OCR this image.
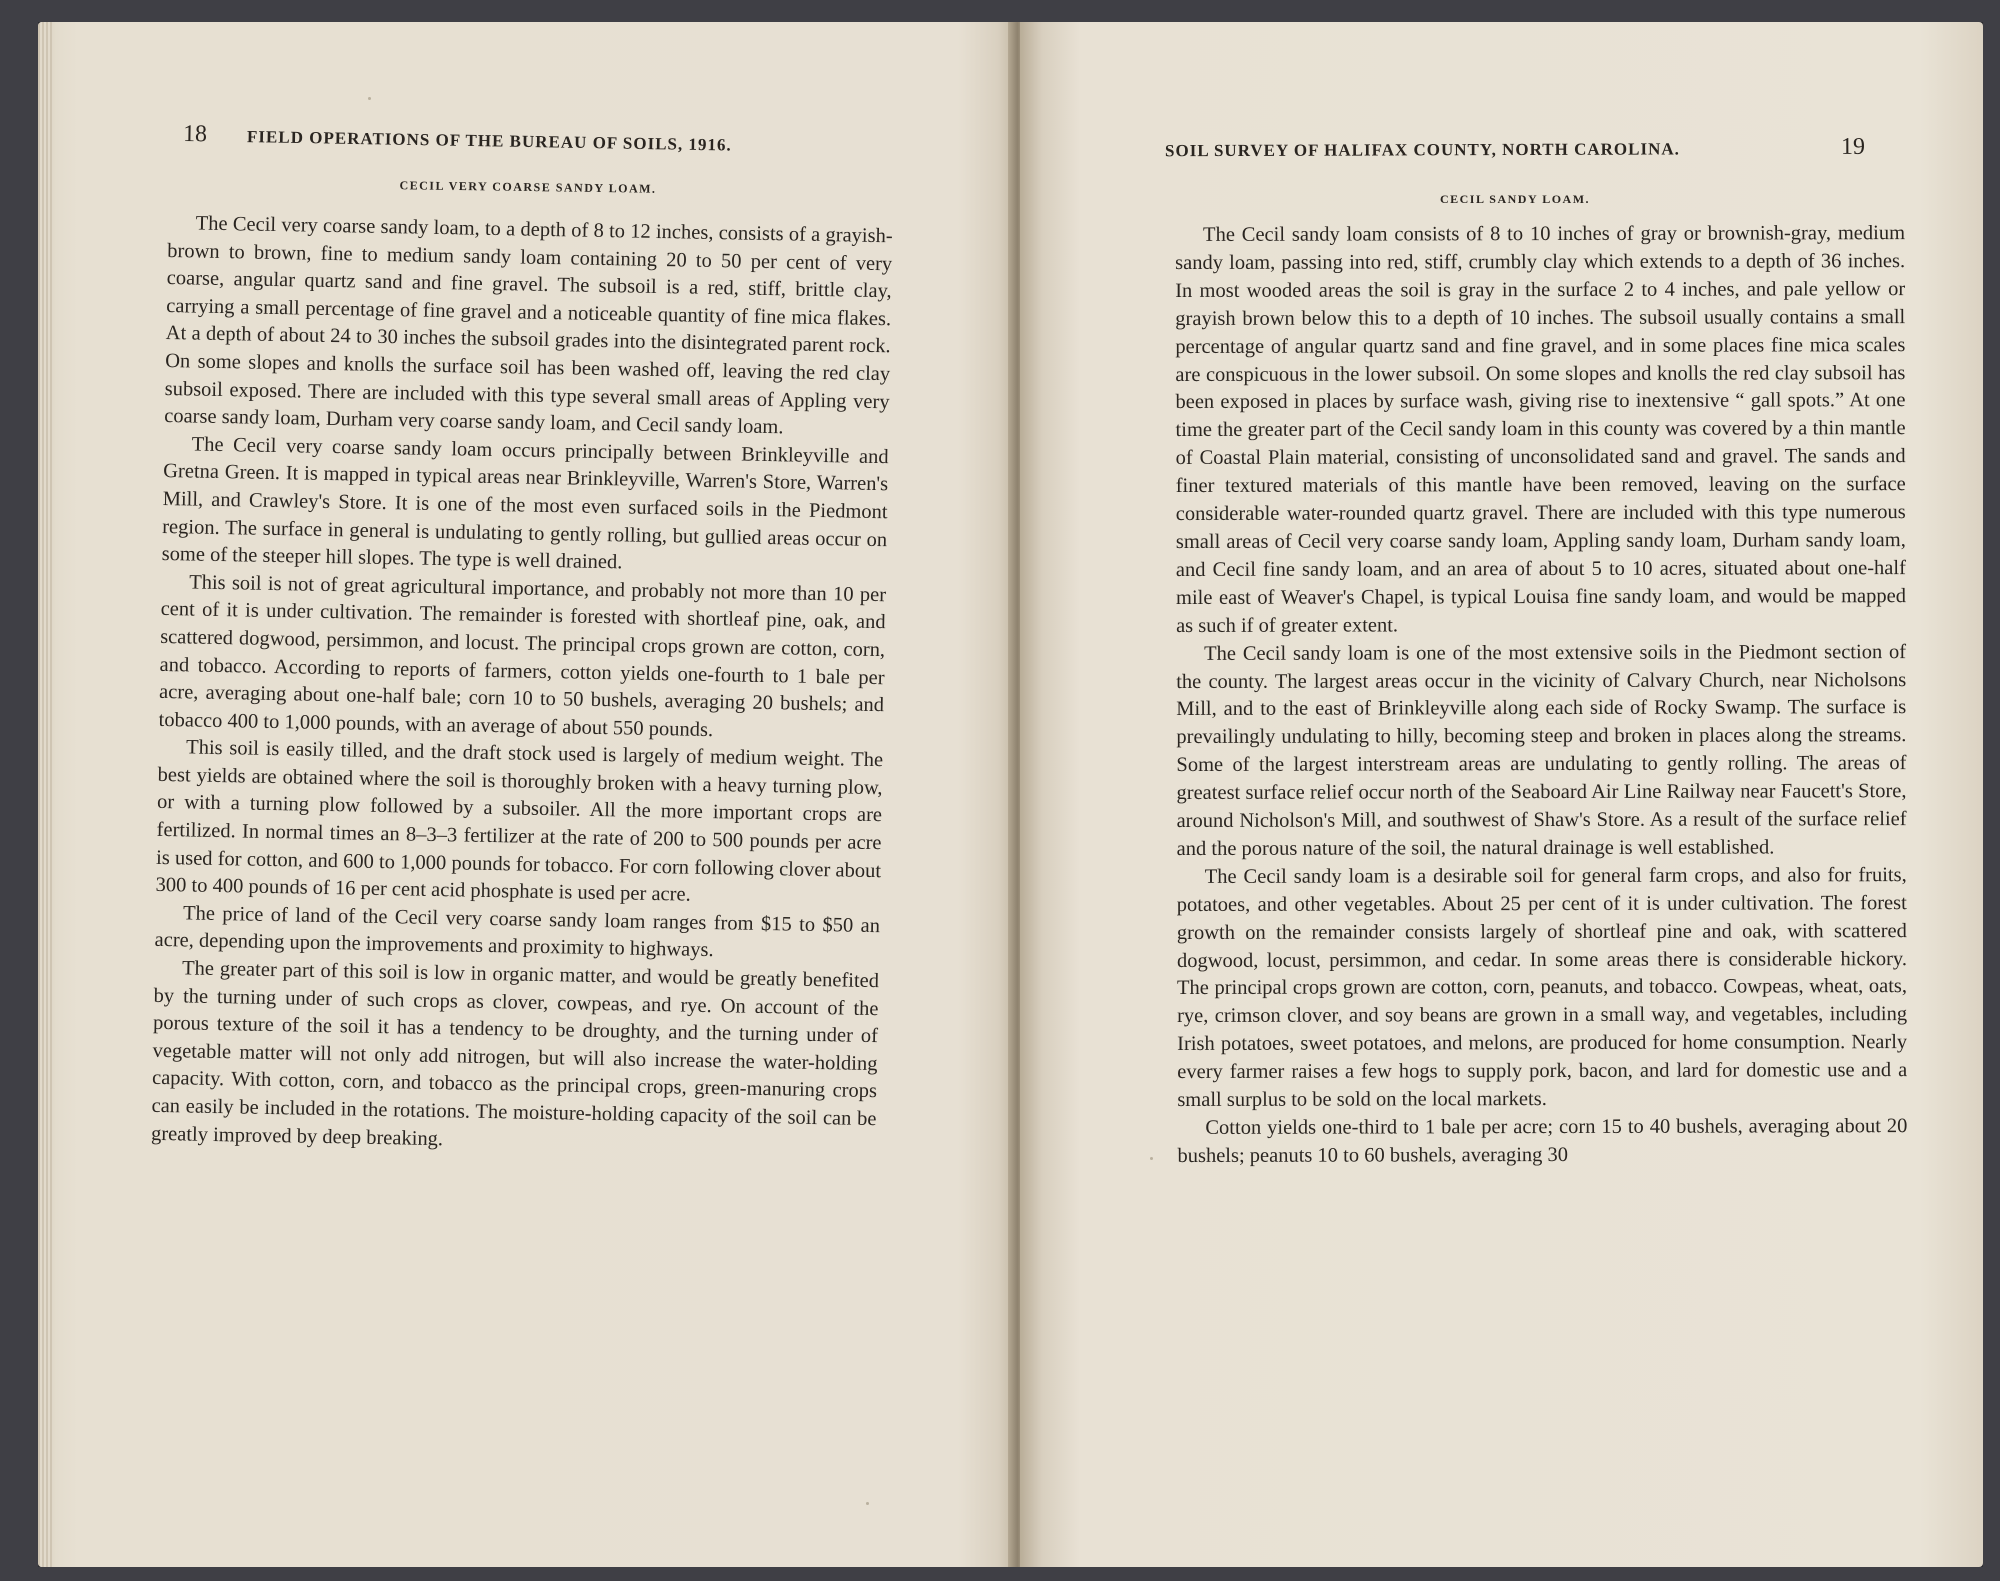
18 FIELD OPERATIONS OF THE BUREAU OF SOILS, 1916.
CECIL VERY COARSE SANDY LOAM.

The Cecil very coarse sandy loam, to a depth of 8 to 12 inches, consists of a grayish-brown to brown, fine to medium sandy loam containing 20 to 50 per cent of very coarse, angular quartz sand and fine gravel. The subsoil is a red, stiff, brittle clay, carrying a small percentage of fine gravel and a noticeable quantity of fine mica flakes. At a depth of about 24 to 30 inches the subsoil grades into the disintegrated parent rock. On some slopes and knolls the surface soil has been washed off, leaving the red clay subsoil exposed. There are included with this type several small areas of Appling very coarse sandy loam, Durham very coarse sandy loam, and Cecil sandy loam.

The Cecil very coarse sandy loam occurs principally between Brinkleyville and Gretna Green. It is mapped in typical areas near Brinkleyville, Warren's Store, Warren's Mill, and Crawley's Store. It is one of the most even surfaced soils in the Piedmont region. The surface in general is undulating to gently rolling, but gullied areas occur on some of the steeper hill slopes. The type is well drained.

This soil is not of great agricultural importance, and probably not more than 10 per cent of it is under cultivation. The remainder is forested with shortleaf pine, oak, and scattered dogwood, persimmon, and locust. The principal crops grown are cotton, corn, and tobacco. According to reports of farmers, cotton yields one-fourth to 1 bale per acre, averaging about one-half bale; corn 10 to 50 bushels, averaging 20 bushels; and tobacco 400 to 1,000 pounds, with an average of about 550 pounds.

This soil is easily tilled, and the draft stock used is largely of medium weight. The best yields are obtained where the soil is thoroughly broken with a heavy turning plow, or with a turning plow followed by a subsoiler. All the more important crops are fertilized. In normal times an 8–3–3 fertilizer at the rate of 200 to 500 pounds per acre is used for cotton, and 600 to 1,000 pounds for tobacco. For corn following clover about 300 to 400 pounds of 16 per cent acid phosphate is used per acre.

The price of land of the Cecil very coarse sandy loam ranges from $15 to $50 an acre, depending upon the improvements and proximity to highways.

The greater part of this soil is low in organic matter, and would be greatly benefited by the turning under of such crops as clover, cowpeas, and rye. On account of the porous texture of the soil it has a tendency to be droughty, and the turning under of vegetable matter will not only add nitrogen, but will also increase the water-holding capacity. With cotton, corn, and tobacco as the principal crops, green-manuring crops can easily be included in the rotations. The moisture-holding capacity of the soil can be greatly improved by deep breaking.

SOIL SURVEY OF HALIFAX COUNTY, NORTH CAROLINA.	19
CECIL SANDY LOAM.

The Cecil sandy loam consists of 8 to 10 inches of gray or brownish-gray, medium sandy loam, passing into red, stiff, crumbly clay which extends to a depth of 36 inches. In most wooded areas the soil is gray in the surface 2 to 4 inches, and pale yellow or grayish brown below this to a depth of 10 inches. The subsoil usually contains a small percentage of angular quartz sand and fine gravel, and in some places fine mica scales are conspicuous in the lower subsoil. On some slopes and knolls the red clay subsoil has been exposed in places by surface wash, giving rise to inextensive “ gall spots.” At one time the greater part of the Cecil sandy loam in this county was covered by a thin mantle of Coastal Plain material, consisting of unconsolidated sand and gravel. The sands and finer textured materials of this mantle have been removed, leaving on the surface considerable water-rounded quartz gravel. There are included with this type numerous small areas of Cecil very coarse sandy loam, Appling sandy loam, Durham sandy loam, and Cecil fine sandy loam, and an area of about 5 to 10 acres, situated about one-half mile east of Weaver's Chapel, is typical Louisa fine sandy loam, and would be mapped as such if of greater extent.

The Cecil sandy loam is one of the most extensive soils in the Piedmont section of the county. The largest areas occur in the vicinity of Calvary Church, near Nicholsons Mill, and to the east of Brinkleyville along each side of Rocky Swamp. The surface is prevailingly undulating to hilly, becoming steep and broken in places along the streams. Some of the largest interstream areas are undulating to gently rolling. The areas of greatest surface relief occur north of the Seaboard Air Line Railway near Faucett's Store, around Nicholson's Mill, and southwest of Shaw's Store. As a result of the surface relief and the porous nature of the soil, the natural drainage is well established.

The Cecil sandy loam is a desirable soil for general farm crops, and also for fruits, potatoes, and other vegetables. About 25 per cent of it is under cultivation. The forest growth on the remainder consists largely of shortleaf pine and oak, with scattered dogwood, locust, persimmon, and cedar. In some areas there is considerable hickory. The principal crops grown are cotton, corn, peanuts, and tobacco. Cowpeas, wheat, oats, rye, crimson clover, and soy beans are grown in a small way, and vegetables, including Irish potatoes, sweet potatoes, and melons, are produced for home consumption. Nearly every farmer raises a few hogs to supply pork, bacon, and lard for domestic use and a small surplus to be sold on the local markets.

Cotton yields one-third to 1 bale per acre; corn 15 to 40 bushels, averaging about 20 bushels; peanuts 10 to 60 bushels, averaging 30
